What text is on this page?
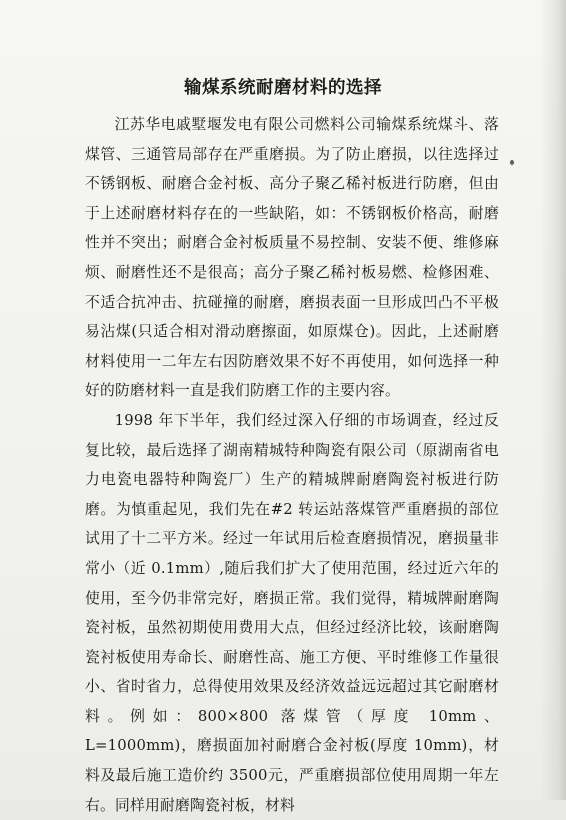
输煤系统耐磨材料的选择

江苏华电戚墅堰发电有限公司燃料公司输煤系统煤斗、落煤管、三通管局部存在严重磨损。为了防止磨损，以往选择过不锈钢板、耐磨合金衬板、高分子聚乙稀衬板进行防磨，但由于上述耐磨材料存在的一些缺陷，如：不锈钢板价格高，耐磨性并不突出；耐磨合金衬板质量不易控制、安装不便、维修麻烦、耐磨性还不是很高；高分子聚乙稀衬板易燃、检修困难、不适合抗冲击、抗碰撞的耐磨，磨损表面一旦形成凹凸不平极易沾煤(只适合相对滑动磨擦面，如原煤仓)。因此，上述耐磨材料使用一二年左右因防磨效果不好不再使用，如何选择一种好的防磨材料一直是我们防磨工作的主要内容。

1998 年下半年，我们经过深入仔细的市场调查，经过反复比较，最后选择了湖南精城特种陶瓷有限公司（原湖南省电力电瓷电器特种陶瓷厂）生产的精城牌耐磨陶瓷衬板进行防磨。为慎重起见，我们先在#2 转运站落煤管严重磨损的部位试用了十二平方米。经过一年试用后检查磨损情况，磨损量非常小（近 0.1mm）,随后我们扩大了使用范围，经过近六年的使用，至今仍非常完好，磨损正常。我们觉得，精城牌耐磨陶瓷衬板，虽然初期使用费用大点，但经过经济比较，该耐磨陶瓷衬板使用寿命长、耐磨性高、施工方便、平时维修工作量很小、省时省力，总得使用效果及经济效益远远超过其它耐磨材料。例如：800×800 落煤管（厚度 10mm、L=1000mm)，磨损面加衬耐磨合金衬板(厚度 10mm)，材料及最后施工造价约 3500元，严重磨损部位使用周期一年左右。同样用耐磨陶瓷衬板，材料
